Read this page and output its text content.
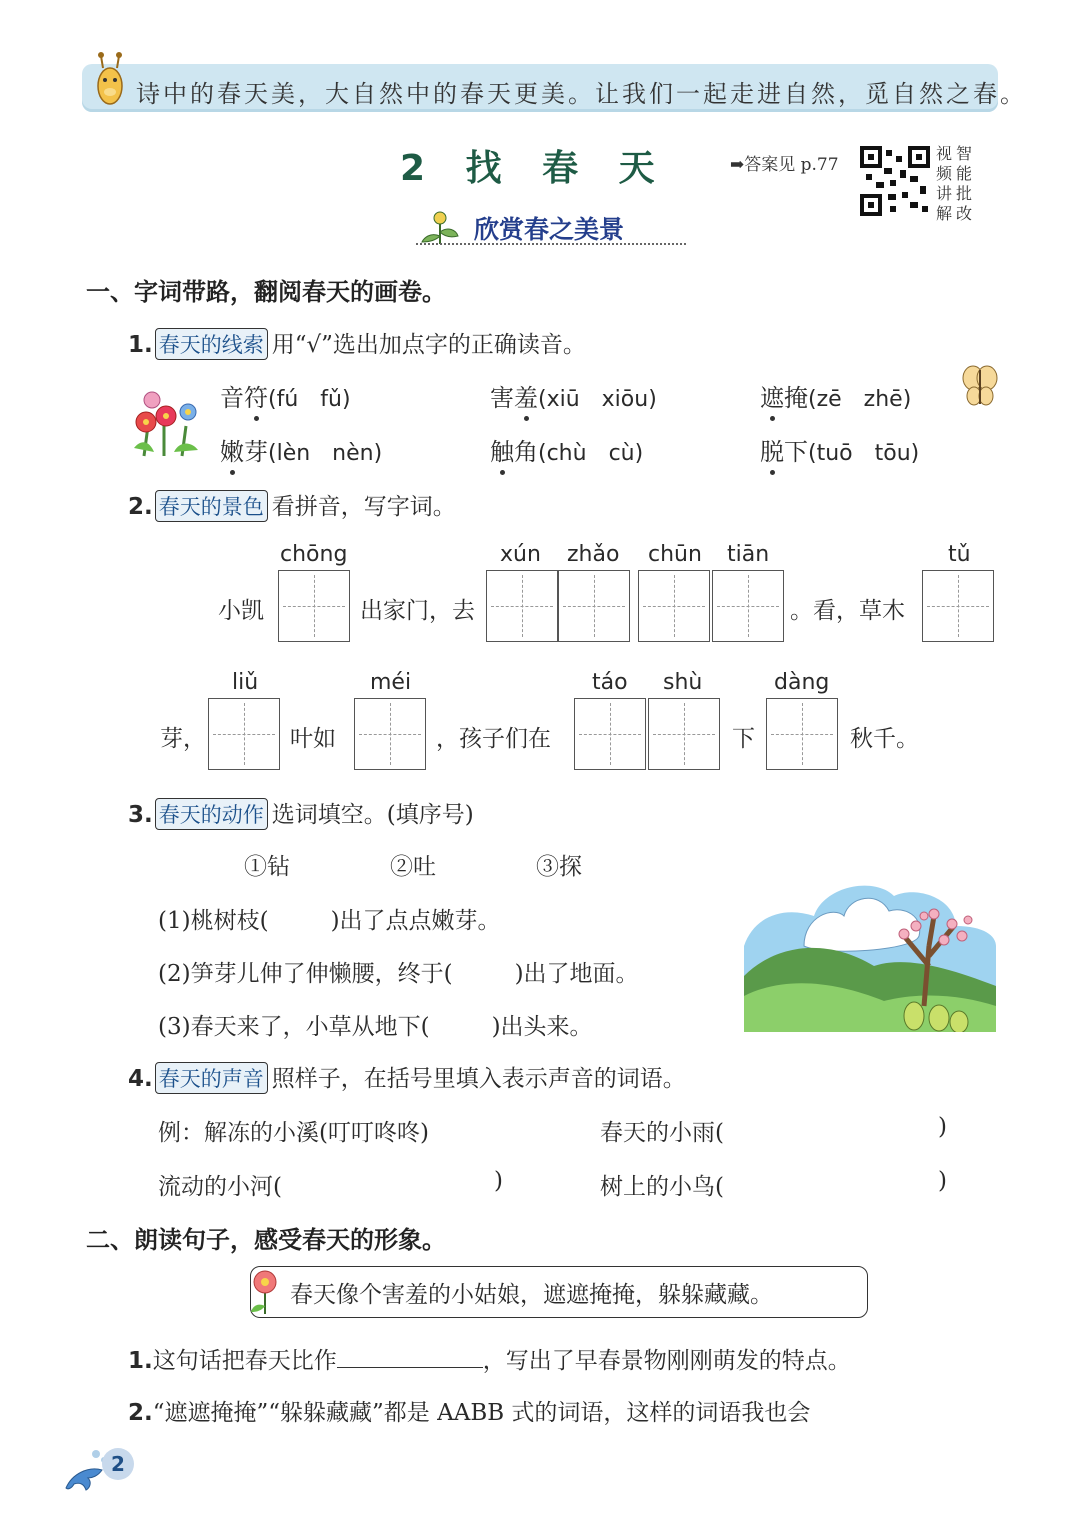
诗中的春天美，大自然中的春天更美。让我们一起走进自然，觅自然之春。
2 找 春 天	➡答案见 p.77
视频讲解
智能批改
欣赏春之美景
一、字词带路，翻阅春天的画卷。
1. 春天的线索 用“√”选出加点字的正确读音。
音符(fú　fǔ)	害羞(xiū　xiōu)	遮掩(zē　zhē)
嫩芽(lèn　nèn)	触角(chù　cù)	脱下(tuō　tōu)
2. 春天的景色 看拼音，写字词。
chōng	xún zhǎo chūn tiān	tǔ
小凯	出家门，去	。看，草木
liǔ	méi	táo shù	dàng
芽，	叶如	，孩子们在	下	秋千。
3. 春天的动作 选词填空。(填序号)
①钻	②吐	③探
(1)桃树枝(	)出了点点嫩芽。
(2)笋芽儿伸了伸懒腰，终于(	)出了地面。
(3)春天来了，小草从地下(	)出头来。
4. 春天的声音 照样子，在括号里填入表示声音的词语。
例：解冻的小溪(叮叮咚咚)	春天的小雨(	)
流动的小河(	)	树上的小鸟(	)
二、朗读句子，感受春天的形象。
春天像个害羞的小姑娘，遮遮掩掩，躲躲藏藏。
1.这句话把春天比作	，写出了早春景物刚刚萌发的特点。
2.“遮遮掩掩”“躲躲藏藏”都是 AABB 式的词语，这样的词语我也会
2
